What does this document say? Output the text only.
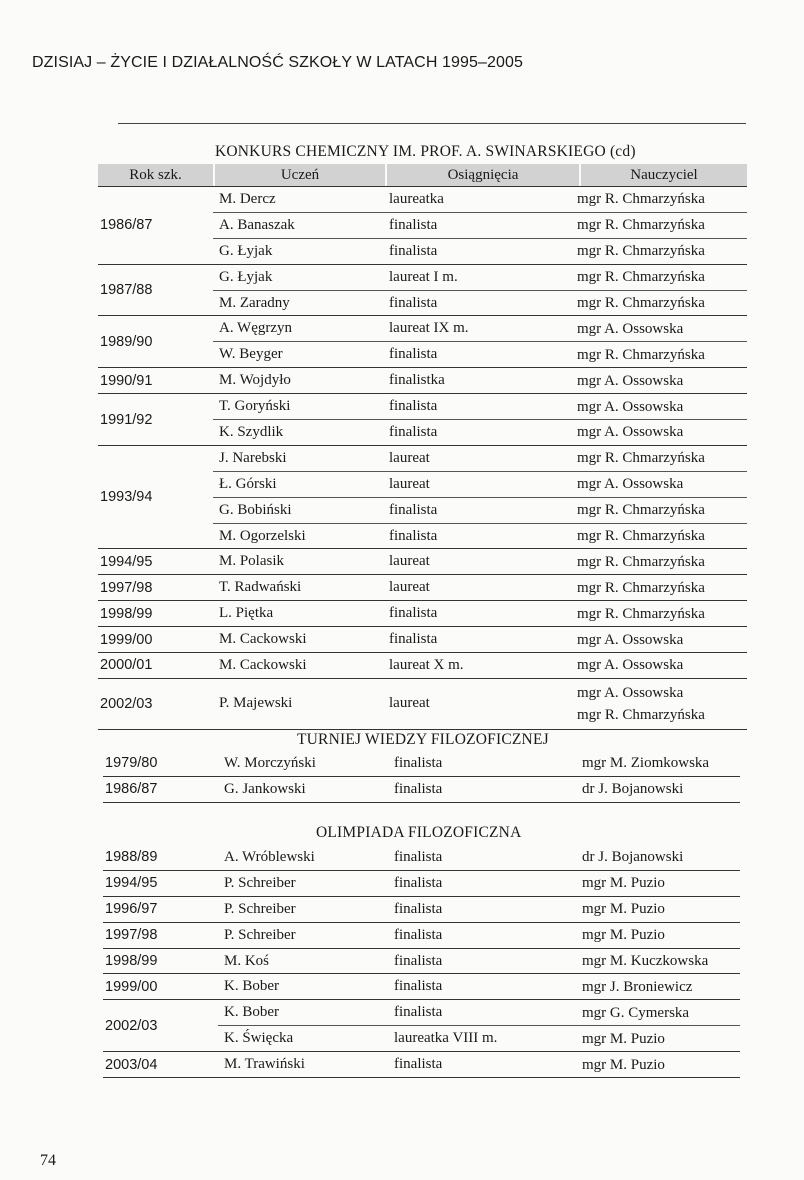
DZISIAJ – ŻYCIE I DZIAŁALNOŚĆ SZKOŁY W LATACH 1995–2005
KONKURS CHEMICZNY IM. PROF. A. SWINARSKIEGO (cd)
Rok szk.	Uczeń	Osiągnięcia	Nauczyciel
1986/87
M. Dercz	laureatka	mgr R. Chmarzyńska
A. Banaszak	finalista	mgr R. Chmarzyńska
G. Łyjak	finalista	mgr R. Chmarzyńska
1987/88
G. Łyjak	laureat I m.	mgr R. Chmarzyńska
M. Zaradny	finalista	mgr R. Chmarzyńska
1989/90
A. Węgrzyn	laureat IX m.	mgr A. Ossowska
W. Beyger	finalista	mgr R. Chmarzyńska
1990/91	M. Wojdyło	finalistka	mgr A. Ossowska
1991/92
T. Goryński	finalista	mgr A. Ossowska
K. Szydlik	finalista	mgr A. Ossowska
1993/94
J. Narebski	laureat	mgr R. Chmarzyńska
Ł. Górski	laureat	mgr A. Ossowska
G. Bobiński	finalista	mgr R. Chmarzyńska
M. Ogorzelski	finalista	mgr R. Chmarzyńska
1994/95	M. Polasik	laureat	mgr R. Chmarzyńska
1997/98	T. Radwański	laureat	mgr R. Chmarzyńska
1998/99	L. Piętka	finalista	mgr R. Chmarzyńska
1999/00	M. Cackowski	finalista	mgr A. Ossowska
2000/01	M. Cackowski	laureat X m.	mgr A. Ossowska
2002/03	P. Majewski	laureat
mgr A. Ossowska
mgr R. Chmarzyńska
TURNIEJ WIEDZY FILOZOFICZNEJ
1979/80	W. Morczyński	finalista	mgr M. Ziomkowska
1986/87	G. Jankowski	finalista	dr J. Bojanowski
OLIMPIADA FILOZOFICZNA
1988/89	A. Wróblewski	finalista	dr J. Bojanowski
1994/95	P. Schreiber	finalista	mgr M. Puzio
1996/97	P. Schreiber	finalista	mgr M. Puzio
1997/98	P. Schreiber	finalista	mgr M. Puzio
1998/99	M. Koś	finalista	mgr M. Kuczkowska
1999/00	K. Bober	finalista	mgr J. Broniewicz
2002/03
K. Bober	finalista	mgr G. Cymerska
K. Święcka	laureatka VIII m.	mgr M. Puzio
2003/04	M. Trawiński	finalista	mgr M. Puzio
74
